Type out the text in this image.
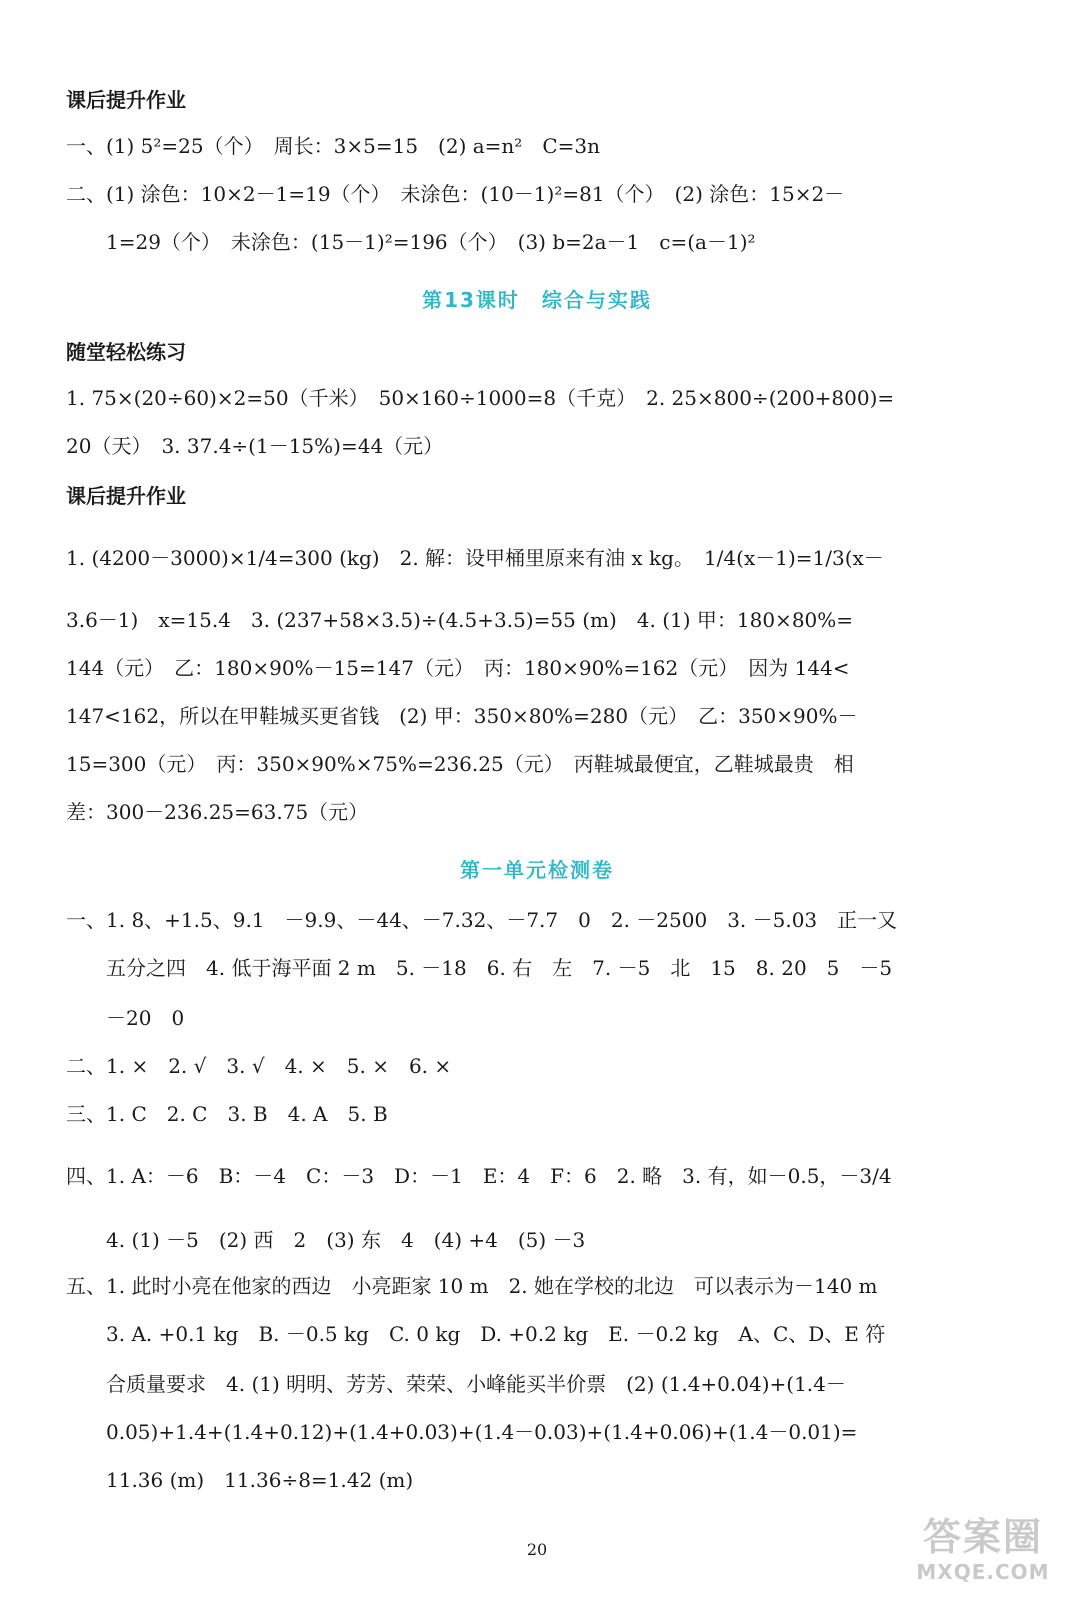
课后提升作业
一、(1) 5²=25（个）　周长：3×5=15　(2) a=n²　C=3n
二、(1) 涂色：10×2－1=19（个）　未涂色：(10－1)²=81（个）　(2) 涂色：15×2－
　　1=29（个）　未涂色：(15－1)²=196（个）　(3) b=2a－1　c=(a－1)²
第13课时　综合与实践
随堂轻松练习
1. 75×(20÷60)×2=50（千米）　50×160÷1000=8（千克）　2. 25×800÷(200+800)=
20（天）　3. 37.4÷(1－15%)=44（元）
课后提升作业
1. (4200－3000)×1/4=300 (kg)　2. 解：设甲桶里原来有油 x kg。　1/4(x－1)=1/3(x－
3.6－1)　x=15.4　3. (237+58×3.5)÷(4.5+3.5)=55 (m)　4. (1) 甲：180×80%=
144（元）　乙：180×90%－15=147（元）　丙：180×90%=162（元）　因为 144<
147<162，所以在甲鞋城买更省钱　(2) 甲：350×80%=280（元）　乙：350×90%－
15=300（元）　丙：350×90%×75%=236.25（元）　丙鞋城最便宜，乙鞋城最贵　相
差：300－236.25=63.75（元）
第一单元检测卷
一、1. 8、+1.5、9.1　－9.9、－44、－7.32、－7.7　0　2. －2500　3. －5.03　正一又
　　五分之四　4. 低于海平面 2 m　5. －18　6. 右　左　7. －5　北　15　8. 20　5　－5
　　－20　0
二、1. ×　2. √　3. √　4. ×　5. ×　6. ×
三、1. C　2. C　3. B　4. A　5. B
四、1. A：－6　B：－4　C：－3　D：－1　E：4　F：6　2. 略　3. 有，如－0.5，－3/4
　　4. (1) －5　(2) 西　2　(3) 东　4　(4) +4　(5) －3
五、1. 此时小亮在他家的西边　小亮距家 10 m　2. 她在学校的北边　可以表示为－140 m
　　3. A. +0.1 kg　B. －0.5 kg　C. 0 kg　D. +0.2 kg　E. －0.2 kg　A、C、D、E 符
　　合质量要求　4. (1) 明明、芳芳、荣荣、小峰能买半价票　(2) (1.4+0.04)+(1.4－
　　0.05)+1.4+(1.4+0.12)+(1.4+0.03)+(1.4－0.03)+(1.4+0.06)+(1.4－0.01)=
　　11.36 (m)　11.36÷8=1.42 (m)
20	答案圈
MXQE.COM
